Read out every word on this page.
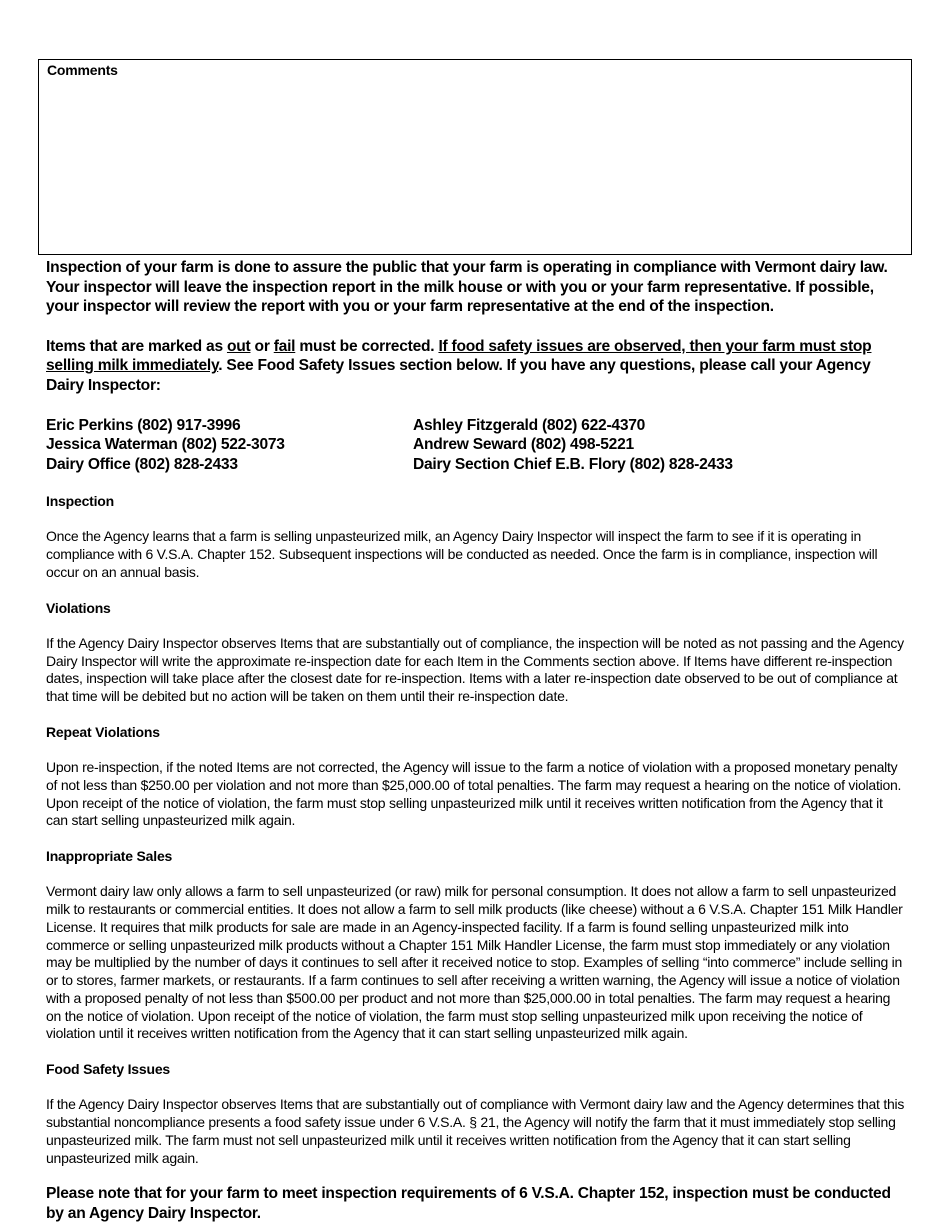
Comments

Inspection of your farm is done to assure the public that your farm is operating in compliance with Vermont dairy law. Your inspector will leave the inspection report in the milk house or with you or your farm representative. If possible, your inspector will review the report with you or your farm representative at the end of the inspection.

Items that are marked as out or fail must be corrected. If food safety issues are observed, then your farm must stop selling milk immediately. See Food Safety Issues section below. If you have any questions, please call your Agency Dairy Inspector:

Eric Perkins (802) 917-3996	Ashley Fitzgerald (802) 622-4370
Jessica Waterman (802) 522-3073	Andrew Seward (802) 498-5221
Dairy Office (802) 828-2433	Dairy Section Chief E.B. Flory (802) 828-2433

Inspection

Once the Agency learns that a farm is selling unpasteurized milk, an Agency Dairy Inspector will inspect the farm to see if it is operating in compliance with 6 V.S.A. Chapter 152. Subsequent inspections will be conducted as needed. Once the farm is in compliance, inspection will occur on an annual basis.

Violations

If the Agency Dairy Inspector observes Items that are substantially out of compliance, the inspection will be noted as not passing and the Agency Dairy Inspector will write the approximate re-inspection date for each Item in the Comments section above. If Items have different re-inspection dates, inspection will take place after the closest date for re-inspection. Items with a later re-inspection date observed to be out of compliance at that time will be debited but no action will be taken on them until their re-inspection date.

Repeat Violations

Upon re-inspection, if the noted Items are not corrected, the Agency will issue to the farm a notice of violation with a proposed monetary penalty of not less than $250.00 per violation and not more than $25,000.00 of total penalties. The farm may request a hearing on the notice of violation. Upon receipt of the notice of violation, the farm must stop selling unpasteurized milk until it receives written notification from the Agency that it can start selling unpasteurized milk again.

Inappropriate Sales

Vermont dairy law only allows a farm to sell unpasteurized (or raw) milk for personal consumption. It does not allow a farm to sell unpasteurized milk to restaurants or commercial entities. It does not allow a farm to sell milk products (like cheese) without a 6 V.S.A. Chapter 151 Milk Handler License. It requires that milk products for sale are made in an Agency-inspected facility. If a farm is found selling unpasteurized milk into commerce or selling unpasteurized milk products without a Chapter 151 Milk Handler License, the farm must stop immediately or any violation may be multiplied by the number of days it continues to sell after it received notice to stop. Examples of selling “into commerce” include selling in or to stores, farmer markets, or restaurants. If a farm continues to sell after receiving a written warning, the Agency will issue a notice of violation with a proposed penalty of not less than $500.00 per product and not more than $25,000.00 in total penalties. The farm may request a hearing on the notice of violation. Upon receipt of the notice of violation, the farm must stop selling unpasteurized milk upon receiving the notice of violation until it receives written notification from the Agency that it can start selling unpasteurized milk again.

Food Safety Issues

If the Agency Dairy Inspector observes Items that are substantially out of compliance with Vermont dairy law and the Agency determines that this substantial noncompliance presents a food safety issue under 6 V.S.A. § 21, the Agency will notify the farm that it must immediately stop selling unpasteurized milk. The farm must not sell unpasteurized milk until it receives written notification from the Agency that it can start selling unpasteurized milk again.

Please note that for your farm to meet inspection requirements of 6 V.S.A. Chapter 152, inspection must be conducted by an Agency Dairy Inspector.
